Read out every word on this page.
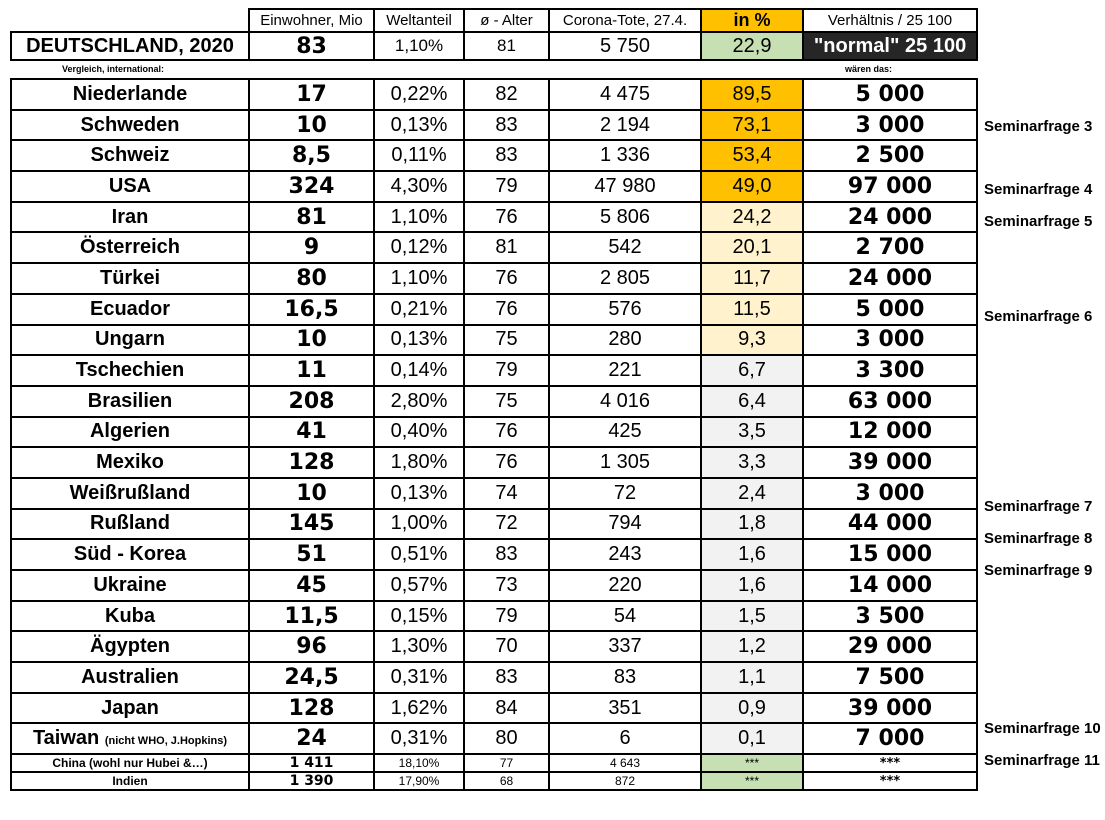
	Einwohner, Mio	Weltanteil	ø - Alter	Corona-Tote, 27.4.	in %	Verhältnis / 25 100
DEUTSCHLAND, 2020	83	1,10%	81	5 750	22,9	"normal" 25 100
Vergleich, international:	wären das:
Niederlande	17	0,22%	82	4 475	89,5	5 000
Schweden	10	0,13%	83	2 194	73,1	3 000
Schweiz	8,5	0,11%	83	1 336	53,4	2 500
USA	324	4,30%	79	47 980	49,0	97 000
Iran	81	1,10%	76	5 806	24,2	24 000
Österreich	9	0,12%	81	542	20,1	2 700
Türkei	80	1,10%	76	2 805	11,7	24 000
Ecuador	16,5	0,21%	76	576	11,5	5 000
Ungarn	10	0,13%	75	280	9,3	3 000
Tschechien	11	0,14%	79	221	6,7	3 300
Brasilien	208	2,80%	75	4 016	6,4	63 000
Algerien	41	0,40%	76	425	3,5	12 000
Mexiko	128	1,80%	76	1 305	3,3	39 000
Weißrußland	10	0,13%	74	72	2,4	3 000
Rußland	145	1,00%	72	794	1,8	44 000
Süd - Korea	51	0,51%	83	243	1,6	15 000
Ukraine	45	0,57%	73	220	1,6	14 000
Kuba	11,5	0,15%	79	54	1,5	3 500
Ägypten	96	1,30%	70	337	1,2	29 000
Australien	24,5	0,31%	83	83	1,1	7 500
Japan	128	1,62%	84	351	0,9	39 000
Taiwan (nicht WHO, J.Hopkins)	24	0,31%	80	6	0,1	7 000
China (wohl nur Hubei &…)	1 411	18,10%	77	4 643	***	***
Indien	1 390	17,90%	68	872	***	***
Seminarfrage 3
Seminarfrage 4
Seminarfrage 5
Seminarfrage 6
Seminarfrage 7
Seminarfrage 8
Seminarfrage 9
Seminarfrage 10
Seminarfrage 11
